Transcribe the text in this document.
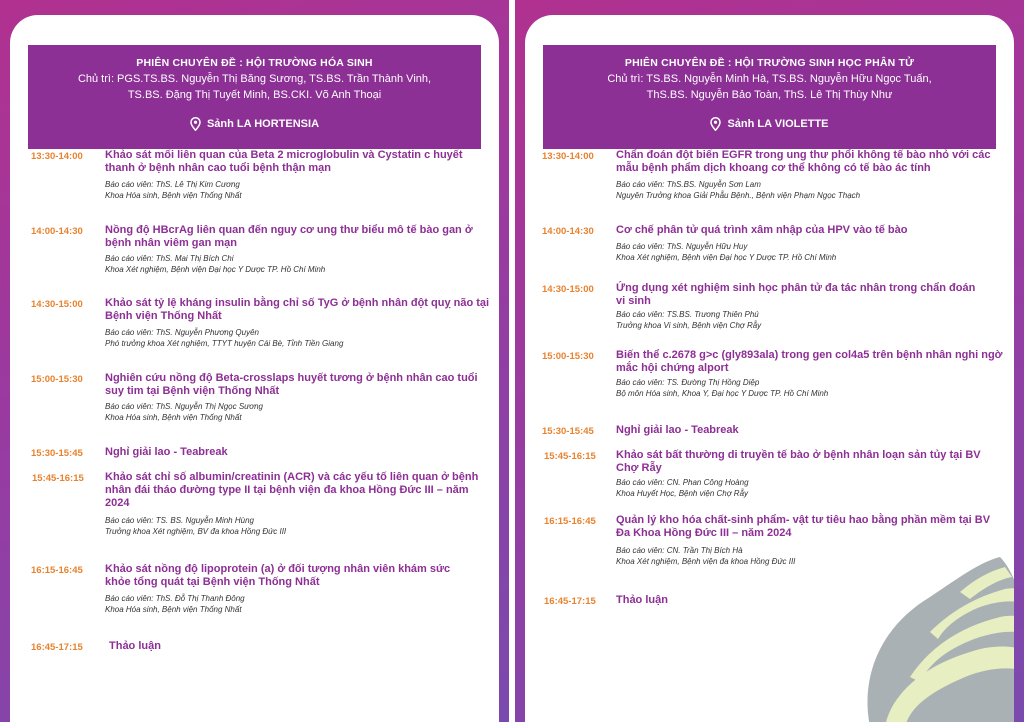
PHIÊN CHUYÊN ĐỀ : HỘI TRƯỜNG HÓA SINH
Chủ trì: PGS.TS.BS. Nguyễn Thị Băng Sương, TS.BS. Trần Thành Vinh,
TS.BS. Đặng Thị Tuyết Minh, BS.CKI. Võ Anh Thoại
Sảnh LA HORTENSIA
13:30-14:00 Khảo sát mối liên quan của Beta 2 microglobulin và Cystatin c huyết thanh ở bệnh nhân cao tuổi bệnh thận mạn
Báo cáo viên: ThS. Lê Thị Kim Cương
Khoa Hóa sinh, Bệnh viện Thống Nhất
14:00-14:30 Nồng độ HBcrAg liên quan đến nguy cơ ung thư biểu mô tế bào gan ở bệnh nhân viêm gan mạn
Báo cáo viên: ThS. Mai Thị Bích Chi
Khoa Xét nghiệm, Bệnh viện Đại học Y Dược TP. Hồ Chí Minh
14:30-15:00 Khảo sát tỷ lệ kháng insulin bằng chỉ số TyG ở bệnh nhân đột quỵ não tại Bệnh viện Thống Nhất
Báo cáo viên: ThS. Nguyễn Phương Quyên
Phó trưởng khoa Xét nghiệm, TTYT huyện Cái Bè, Tỉnh Tiền Giang
15:00-15:30 Nghiên cứu nồng độ Beta-crosslaps huyết tương ở bệnh nhân cao tuổi suy tim tại Bệnh viện Thống Nhất
Báo cáo viên: ThS. Nguyễn Thị Ngọc Sương
Khoa Hóa sinh, Bệnh viện Thống Nhất
15:30-15:45 Nghỉ giải lao - Teabreak
15:45-16:15 Khảo sát chỉ số albumin/creatinin (ACR) và các yếu tố liên quan ở bệnh nhân đái tháo đường type II tại bệnh viện đa khoa Hồng Đức III – năm 2024
Báo cáo viên: TS. BS. Nguyễn Minh Hùng
Trưởng khoa Xét nghiệm, BV đa khoa Hồng Đức III
16:15-16:45 Khảo sát nồng độ lipoprotein (a) ở đối tượng nhân viên khám sức khỏe tổng quát tại Bệnh viện Thống Nhất
Báo cáo viên: ThS. Đỗ Thị Thanh Đông
Khoa Hóa sinh, Bệnh viện Thống Nhất
16:45-17:15 Thảo luận
PHIÊN CHUYÊN ĐỀ : HỘI TRƯỜNG SINH HỌC PHÂN TỬ
Chủ trì: TS.BS. Nguyễn Minh Hà, TS.BS. Nguyễn Hữu Ngọc Tuấn,
ThS.BS. Nguyễn Bảo Toàn, ThS. Lê Thị Thùy Như
Sảnh LA VIOLETTE
13:30-14:00 Chẩn đoán đột biến EGFR trong ung thư phổi không tế bào nhỏ với các mẫu bệnh phẩm dịch khoang cơ thể không có tế bào ác tính
Báo cáo viên: ThS.BS. Nguyễn Sơn Lam
Nguyên Trưởng khoa Giải Phẫu Bệnh., Bệnh viện Phạm Ngọc Thạch
14:00-14:30 Cơ chế phân tử quá trình xâm nhập của HPV vào tế bào
Báo cáo viên: ThS. Nguyễn Hữu Huy
Khoa Xét nghiệm, Bệnh viện Đại học Y Dược TP. Hồ Chí Minh
14:30-15:00 Ứng dụng xét nghiệm sinh học phân tử đa tác nhân trong chẩn đoán vi sinh
Báo cáo viên: TS.BS. Trương Thiên Phú
Trưởng khoa Vi sinh, Bệnh viện Chợ Rẫy
15:00-15:30 Biến thể c.2678 g>c (gly893ala) trong gen col4a5 trên bệnh nhân nghi ngờ mắc hội chứng alport
Báo cáo viên: TS. Đường Thị Hồng Diệp
Bộ môn Hóa sinh, Khoa Y, Đại học Y Dược TP. Hồ Chí Minh
15:30-15:45 Nghỉ giải lao - Teabreak
15:45-16:15 Khảo sát bất thường di truyền tế bào ở bệnh nhân loạn sản tủy tại BV Chợ Rẫy
Báo cáo viên: CN. Phan Công Hoàng
Khoa Huyết Học, Bệnh viện Chợ Rẫy
16:15-16:45 Quản lý kho hóa chất-sinh phẩm- vật tư tiêu hao bằng phần mềm tại BV Đa Khoa Hồng Đức III – năm 2024
Báo cáo viên: CN. Trần Thị Bích Hà
Khoa Xét nghiệm, Bệnh viện đa khoa Hồng Đức III
16:45-17:15 Thảo luận
